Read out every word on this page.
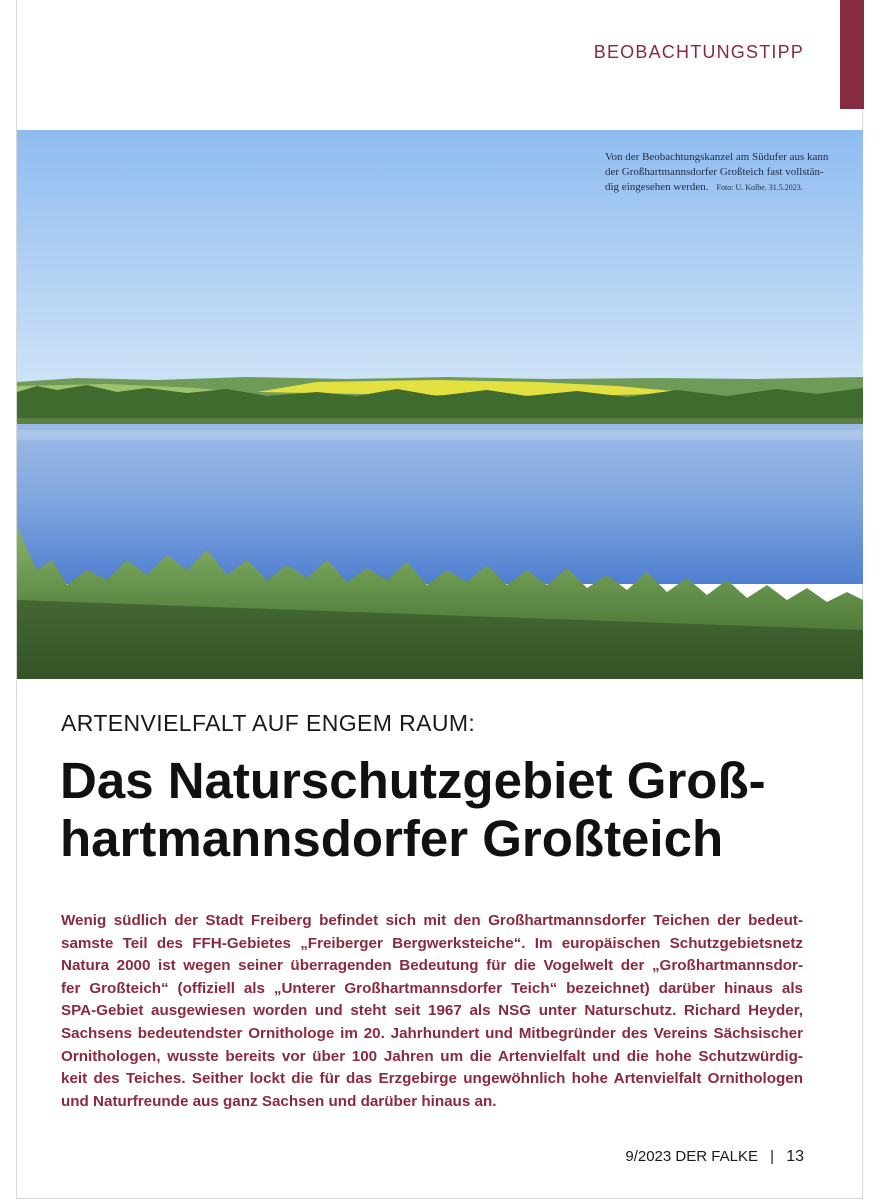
BEOBACHTUNGSTIPP
Von der Beobachtungskanzel am Südufer aus kann
der Großhartmannsdorfer Großteich fast vollstän-
dig eingesehen werden. Foto: U. Kolbe. 31.5.2023.
ARTENVIELFALT AUF ENGEM RAUM:
Das Naturschutzgebiet Groß-
hartmannsdorfer Großteich
Wenig südlich der Stadt Freiberg befindet sich mit den Großhartmannsdorfer Teichen der bedeut-
samste Teil des FFH-Gebietes „Freiberger Bergwerksteiche“. Im europäischen Schutzgebietsnetz
Natura 2000 ist wegen seiner überragenden Bedeutung für die Vogelwelt der „Großhartmannsdor-
fer Großteich“ (offiziell als „Unterer Großhartmannsdorfer Teich“ bezeichnet) darüber hinaus als
SPA-Gebiet ausgewiesen worden und steht seit 1967 als NSG unter Naturschutz. Richard Heyder,
Sachsens bedeutendster Ornithologe im 20. Jahrhundert und Mitbegründer des Vereins Sächsischer
Ornithologen, wusste bereits vor über 100 Jahren um die Artenvielfalt und die hohe Schutzwürdig-
keit des Teiches. Seither lockt die für das Erzgebirge ungewöhnlich hohe Artenvielfalt Ornithologen
und Naturfreunde aus ganz Sachsen und darüber hinaus an.
9/2023 DER FALKE | 13
